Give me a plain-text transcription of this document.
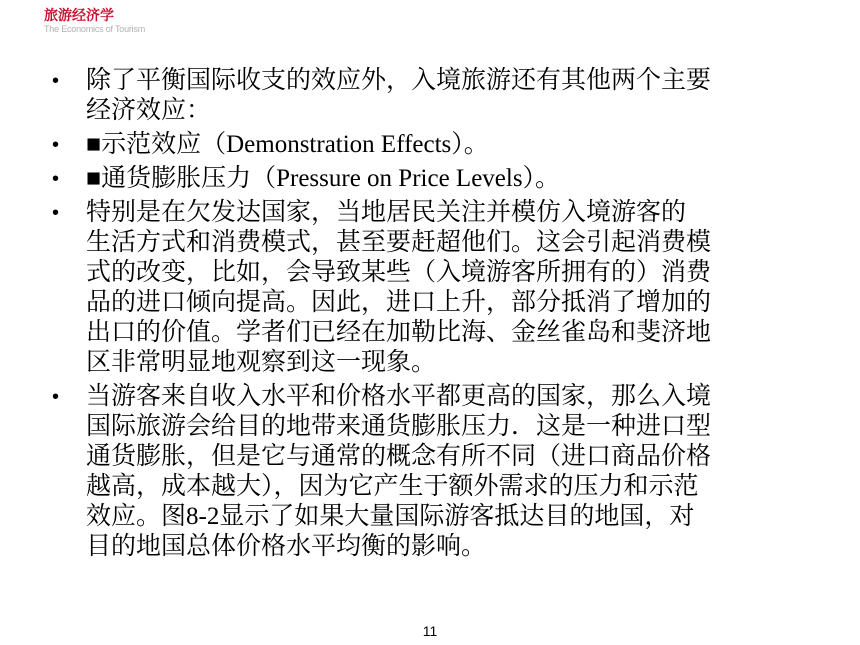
旅游经济学
The Economics of Tourism
• 除了平衡国际收支的效应外，入境旅游还有其他两个主要
经济效应：
• ■示范效应（Demonstration Effects）。
• ■通货膨胀压力（Pressure on Price Levels）。
• 特别是在欠发达国家，当地居民关注并模仿入境游客的
生活方式和消费模式，甚至要赶超他们。这会引起消费模
式的改变，比如，会导致某些（入境游客所拥有的）消费
品的进口倾向提高。因此，进口上升，部分抵消了增加的
出口的价值。学者们已经在加勒比海、金丝雀岛和斐济地
区非常明显地观察到这一现象。
• 当游客来自收入水平和价格水平都更高的国家，那么入境
国际旅游会给目的地带来通货膨胀压力．这是一种进口型
通货膨胀，但是它与通常的概念有所不同（进口商品价格
越高，成本越大），因为它产生于额外需求的压力和示范
效应。图8-2显示了如果大量国际游客抵达目的地国，对
目的地国总体价格水平均衡的影响。
11
